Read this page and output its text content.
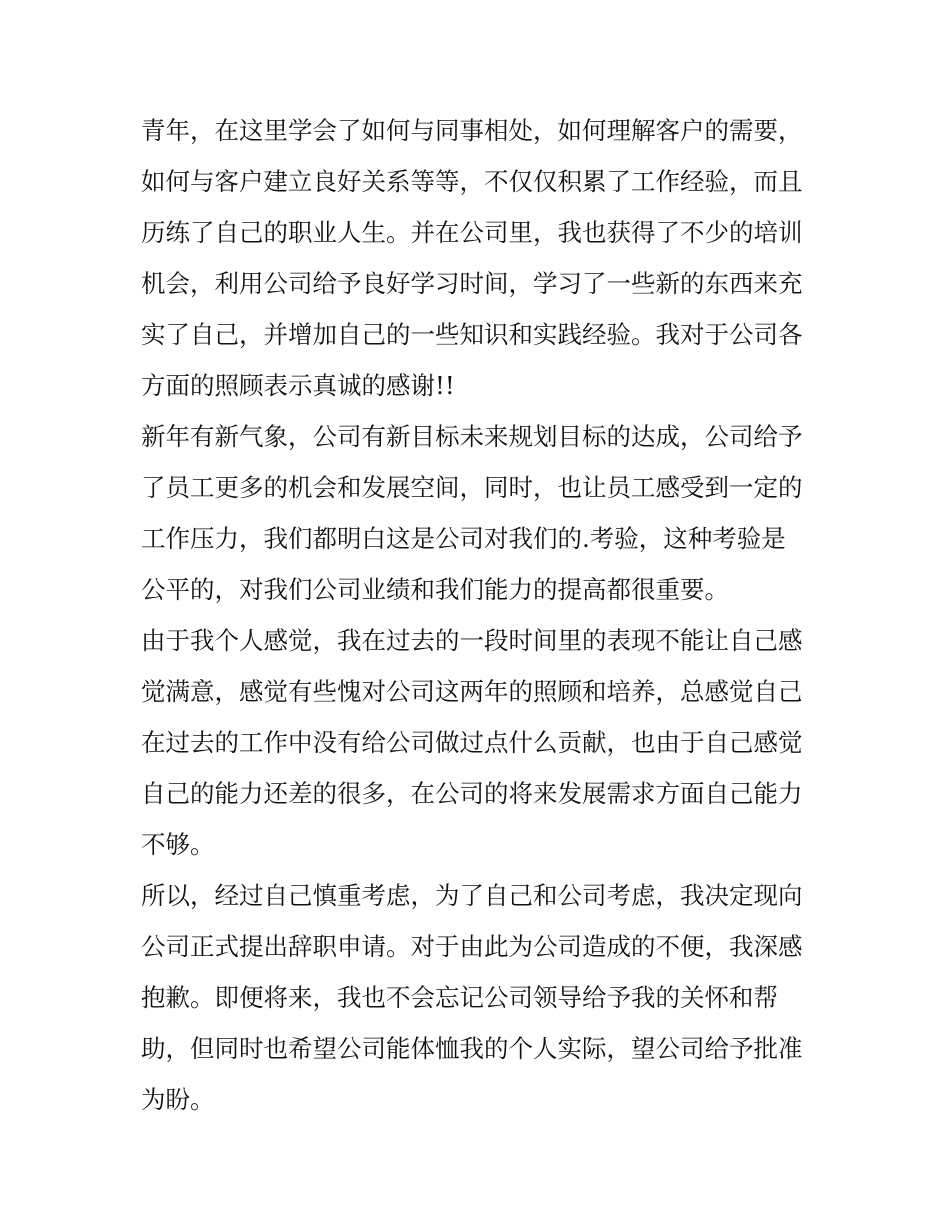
青年，在这里学会了如何与同事相处，如何理解客户的需要，
如何与客户建立良好关系等等，不仅仅积累了工作经验，而且
历练了自己的职业人生。并在公司里，我也获得了不少的培训
机会，利用公司给予良好学习时间，学习了一些新的东西来充
实了自己，并增加自己的一些知识和实践经验。我对于公司各
方面的照顾表示真诚的感谢!!
新年有新气象，公司有新目标未来规划目标的达成，公司给予
了员工更多的机会和发展空间，同时，也让员工感受到一定的
工作压力，我们都明白这是公司对我们的.考验，这种考验是
公平的，对我们公司业绩和我们能力的提高都很重要。
由于我个人感觉，我在过去的一段时间里的表现不能让自己感
觉满意，感觉有些愧对公司这两年的照顾和培养，总感觉自己
在过去的工作中没有给公司做过点什么贡献，也由于自己感觉
自己的能力还差的很多，在公司的将来发展需求方面自己能力
不够。
所以，经过自己慎重考虑，为了自己和公司考虑，我决定现向
公司正式提出辞职申请。对于由此为公司造成的不便，我深感
抱歉。即便将来，我也不会忘记公司领导给予我的关怀和帮
助，但同时也希望公司能体恤我的个人实际，望公司给予批准
为盼。
